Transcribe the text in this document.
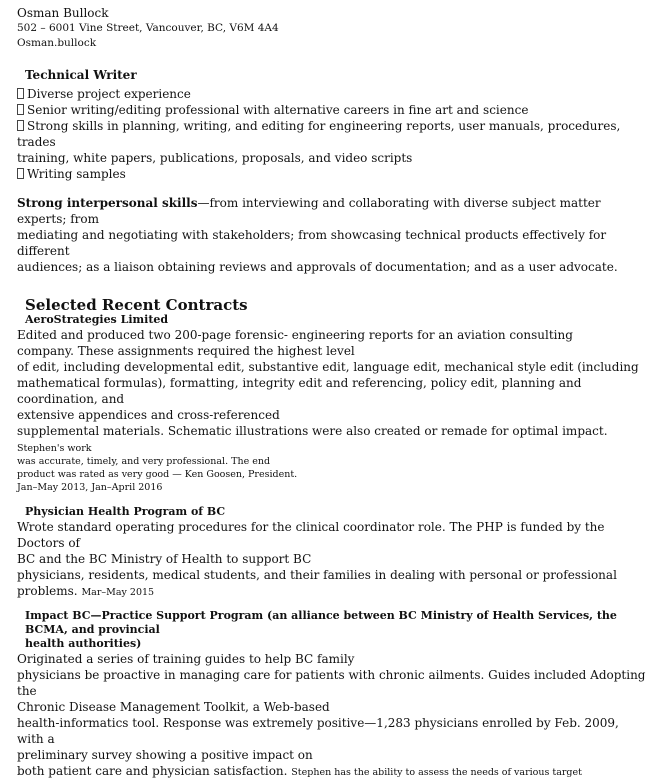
Osman Bullock
502 – 6001 Vine Street, Vancouver, BC, V6M 4A4
Osman.bullock
Technical Writer
Diverse project experience
Senior writing/editing professional with alternative careers in fine art and science
Strong skills in planning, writing, and editing for engineering reports, user manuals, procedures, trades
training, white papers, publications, proposals, and video scripts
Writing samples
Strong interpersonal skills—from interviewing and collaborating with diverse subject matter experts; from
mediating and negotiating with stakeholders; from showcasing technical products effectively for different
audiences; as a liaison obtaining reviews and approvals of documentation; and as a user advocate.
Selected Recent Contracts
AeroStrategies Limited
Edited and produced two 200-page forensic- engineering reports for an aviation consulting
company. These assignments required the highest level
of edit, including developmental edit, substantive edit, language edit, mechanical style edit (including
mathematical formulas), formatting, integrity edit and referencing, policy edit, planning and coordination, and
extensive appendices and cross-referenced
supplemental materials. Schematic illustrations were also created or remade for optimal impact. Stephen's work
was accurate, timely, and very professional. The end
product was rated as very good — Ken Goosen, President.
Jan–May 2013, Jan–April 2016
Physician Health Program of BC
Wrote standard operating procedures for the clinical coordinator role. The PHP is funded by the Doctors of
BC and the BC Ministry of Health to support BC
physicians, residents, medical students, and their families in dealing with personal or professional
problems. Mar–May 2015
Impact BC—Practice Support Program (an alliance between BC Ministry of Health Services, the BCMA, and provincial
health authorities)
Originated a series of training guides to help BC family
physicians be proactive in managing care for patients with chronic ailments. Guides included Adopting the
Chronic Disease Management Toolkit, a Web-based
health-informatics tool. Response was extremely positive—1,283 physicians enrolled by Feb. 2009, with a
preliminary survey showing a positive impact on
both patient care and physician satisfaction. Stephen has the ability to assess the needs of various target
